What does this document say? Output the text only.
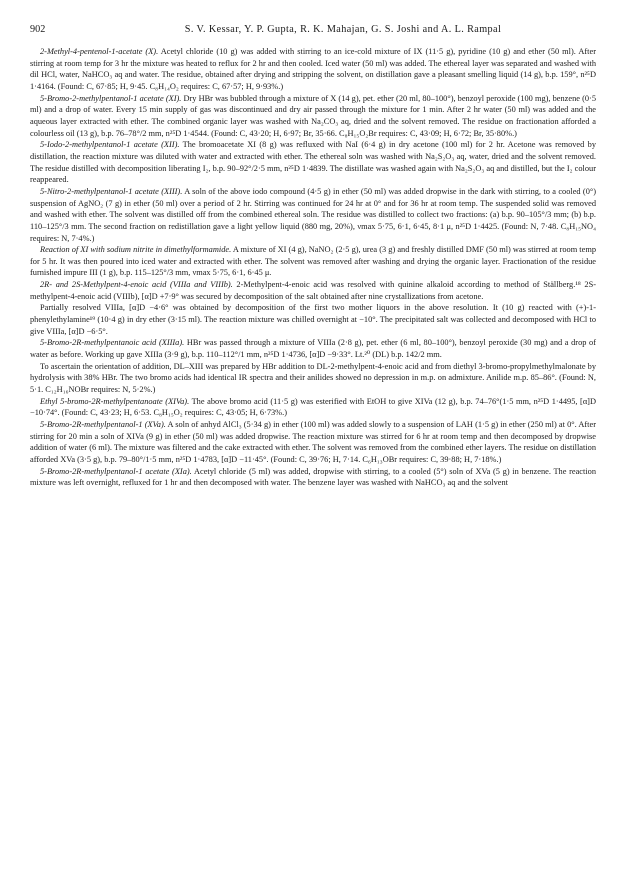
902	S. V. Kessar, Y. P. Gupta, R. K. Mahajan, G. S. Joshi and A. L. Rampal

2-Methyl-4-pentenol-1-acetate (X). Acetyl chloride (10 g) was added with stirring to an ice-cold mixture of IX (11·5 g), pyridine (10 g) and ether (50 ml). After stirring at room temp for 3 hr the mixture was heated to reflux for 2 hr and then cooled. Iced water (50 ml) was added. The ethereal layer was separated and washed with dil HCl, water, NaHCO₃ aq and water. The residue, obtained after drying and stripping the solvent, on distillation gave a pleasant smelling liquid (14 g), b.p. 159°, n²⁵D 1·4164. (Found: C, 67·85; H, 9·45. C₈H₁₄O₂ requires: C, 67·57; H, 9·93%.)

5-Bromo-2-methylpentanol-1 acetate (XI). Dry HBr was bubbled through a mixture of X (14 g), pet. ether (20 ml, 80–100°), benzoyl peroxide (100 mg), benzene (0·5 ml) and a drop of water. Every 15 min supply of gas was discontinued and dry air passed through the mixture for 1 min. After 2 hr water (50 ml) was added and the aqueous layer extracted with ether. The combined organic layer was washed with Na₂CO₃ aq, dried and the solvent removed. The residue on fractionation afforded a colourless oil (13 g), b.p. 76–78°/2 mm, n²⁵D 1·4544. (Found: C, 43·20; H, 6·97; Br, 35·66. C₈H₁₅O₂Br requires: C, 43·09; H, 6·72; Br, 35·80%.)

5-Iodo-2-methylpentanol-1 acetate (XII). The bromoacetate XI (8 g) was refluxed with NaI (6·4 g) in dry acetone (100 ml) for 2 hr. Acetone was removed by distillation, the reaction mixture was diluted with water and extracted with ether. The ethereal soln was washed with Na₂S₂O₃ aq, water, dried and the solvent removed. The residue distilled with decomposition liberating I₂, b.p. 90–92°/2·5 mm, n²⁵D 1·4839. The distillate was washed again with Na₂S₂O₃ aq and distilled, but the I₂ colour reappeared.

5-Nitro-2-methylpentanol-1 acetate (XIII). A soln of the above iodo compound (4·5 g) in ether (50 ml) was added dropwise in the dark with stirring, to a cooled (0°) suspension of AgNO₂ (7 g) in ether (50 ml) over a period of 2 hr. Stirring was continued for 24 hr at 0° and for 36 hr at room temp. The suspended solid was removed and washed with ether. The solvent was distilled off from the combined ethereal soln. The residue was distilled to collect two fractions: (a) b.p. 90–105°/3 mm; (b) b.p. 110–125°/3 mm. The second fraction on redistillation gave a light yellow liquid (880 mg, 20%), νmax 5·75, 6·1, 6·45, 8·1 μ, n²⁵D 1·4425. (Found: N, 7·48. C₈H₁₅NO₄ requires: N, 7·4%.)

Reaction of XI with sodium nitrite in dimethylformamide. A mixture of XI (4 g), NaNO₂ (2·5 g), urea (3 g) and freshly distilled DMF (50 ml) was stirred at room temp for 5 hr. It was then poured into iced water and extracted with ether. The solvent was removed after washing and drying the organic layer. Fractionation of the residue furnished impure III (1 g), b.p. 115–125°/3 mm, νmax 5·75, 6·1, 6·45 μ.

2R- and 2S-Methylpent-4-enoic acid (VIIIa and VIIIb). 2-Methylpent-4-enoic acid was resolved with quinine alkaloid according to method of Ställberg.¹⁸ 2S-methylpent-4-enoic acid (VIIIb), [α]D +7·9° was secured by decomposition of the salt obtained after nine crystallizations from acetone.

Partially resolved VIIIa, [α]D −4·6° was obtained by decomposition of the first two mother liquors in the above resolution. It (10 g) reacted with (+)-1-phenylethylamine¹⁹ (10·4 g) in dry ether (3·15 ml). The reaction mixture was chilled overnight at −10°. The precipitated salt was collected and decomposed with HCl to give VIIIa, [α]D −6·5°.

5-Bromo-2R-methylpentanoic acid (XIIIa). HBr was passed through a mixture of VIIIa (2·8 g), pet. ether (6 ml, 80–100°), benzoyl peroxide (30 mg) and a drop of water as before. Working up gave XIIIa (3·9 g), b.p. 110–112°/1 mm, n²⁵D 1·4736, [α]D −9·33°. Lt.²⁰ (DL) b.p. 142/2 mm.

To ascertain the orientation of addition, DL–XIII was prepared by HBr addition to DL-2-methylpent-4-enoic acid and from diethyl 3-bromo-propylmethylmalonate by hydrolysis with 38% HBr. The two bromo acids had identical IR spectra and their anilides showed no depression in m.p. on admixture. Anilide m.p. 85–86°. (Found: N, 5·1. C₁₂H₁₆NOBr requires: N, 5·2%.)

Ethyl 5-bromo-2R-methylpentanoate (XIVa). The above bromo acid (11·5 g) was esterified with EtOH to give XIVa (12 g), b.p. 74–76°(1·5 mm, n²⁵D 1·4495, [α]D −10·74°. (Found: C, 43·23; H, 6·53. C₈H₁₅O₂ requires: C, 43·05; H, 6·73%.)

5-Bromo-2R-methylpentanol-1 (XVa). A soln of anhyd AlCl₃ (5·34 g) in ether (100 ml) was added slowly to a suspension of LAH (1·5 g) in ether (250 ml) at 0°. After stirring for 20 min a soln of XIVa (9 g) in ether (50 ml) was added dropwise. The reaction mixture was stirred for 6 hr at room temp and then decomposed by dropwise addition of water (6 ml). The mixture was filtered and the cake extracted with ether. The solvent was removed from the combined ether layers. The residue on distillation afforded XVa (3·5 g), b.p. 79–80°/1·5 mm, n²⁵D 1·4783, [α]D −11·45°. (Found: C, 39·76; H, 7·14. C₆H₁₃OBr requires: C, 39·88; H, 7·18%.)

5-Bromo-2R-methylpentanol-1 acetate (XIa). Acetyl chloride (5 ml) was added, dropwise with stirring, to a cooled (5°) soln of XVa (5 g) in benzene. The reaction mixture was left overnight, refluxed for 1 hr and then decomposed with water. The benzene layer was washed with NaHCO₃ aq and the solvent
